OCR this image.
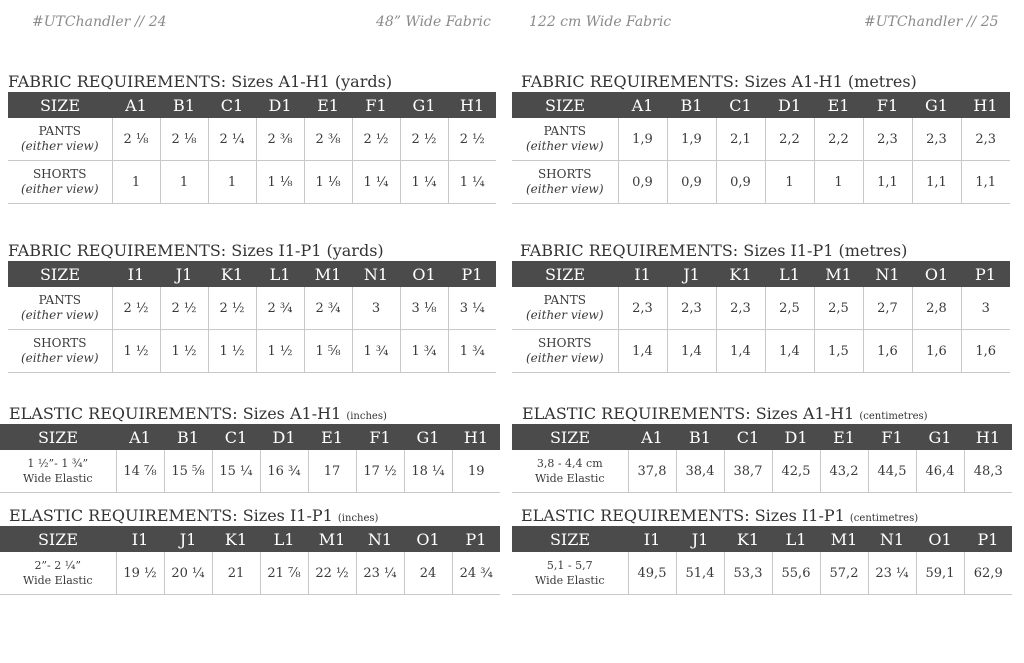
#UTChandler // 24	48” Wide Fabric	122 cm Wide Fabric	#UTChandler // 25
FABRIC REQUIREMENTS: Sizes A1-H1 (yards)
SIZE	A1	B1	C1	D1	E1	F1	G1	H1
PANTS
(either view)	2 ⅛	2 ⅛	2 ¼	2 ⅜	2 ⅜	2 ½	2 ½	2 ½
SHORTS
(either view)	1	1	1	1 ⅛	1 ⅛	1 ¼	1 ¼	1 ¼
FABRIC REQUIREMENTS: Sizes A1-H1 (metres)
SIZE	A1	B1	C1	D1	E1	F1	G1	H1
PANTS
(either view)	1,9	1,9	2,1	2,2	2,2	2,3	2,3	2,3
SHORTS
(either view)	0,9	0,9	0,9	1	1	1,1	1,1	1,1
FABRIC REQUIREMENTS: Sizes I1-P1 (yards)
SIZE	I1	J1	K1	L1	M1	N1	O1	P1
PANTS
(either view)	2 ½	2 ½	2 ½	2 ¾	2 ¾	3	3 ⅛	3 ¼
SHORTS
(either view)	1 ½	1 ½	1 ½	1 ½	1 ⅝	1 ¾	1 ¾	1 ¾
FABRIC REQUIREMENTS: Sizes I1-P1 (metres)
SIZE	I1	J1	K1	L1	M1	N1	O1	P1
PANTS
(either view)	2,3	2,3	2,3	2,5	2,5	2,7	2,8	3
SHORTS
(either view)	1,4	1,4	1,4	1,4	1,5	1,6	1,6	1,6
ELASTIC REQUIREMENTS: Sizes A1-H1 (inches)
SIZE	A1	B1	C1	D1	E1	F1	G1	H1
1 ½”- 1 ¾”
Wide Elastic	14 ⅞	15 ⅝	15 ¼	16 ¾	17	17 ½	18 ¼	19
ELASTIC REQUIREMENTS: Sizes A1-H1 (centimetres)
SIZE	A1	B1	C1	D1	E1	F1	G1	H1
3,8 - 4,4 cm
Wide Elastic	37,8	38,4	38,7	42,5	43,2	44,5	46,4	48,3
ELASTIC REQUIREMENTS: Sizes I1-P1 (inches)
SIZE	I1	J1	K1	L1	M1	N1	O1	P1
2”- 2 ¼”
Wide Elastic	19 ½	20 ¼	21	21 ⅞	22 ½	23 ¼	24	24 ¾
ELASTIC REQUIREMENTS: Sizes I1-P1 (centimetres)
SIZE	I1	J1	K1	L1	M1	N1	O1	P1
5,1 - 5,7
Wide Elastic	49,5	51,4	53,3	55,6	57,2	23 ¼	59,1	62,9
